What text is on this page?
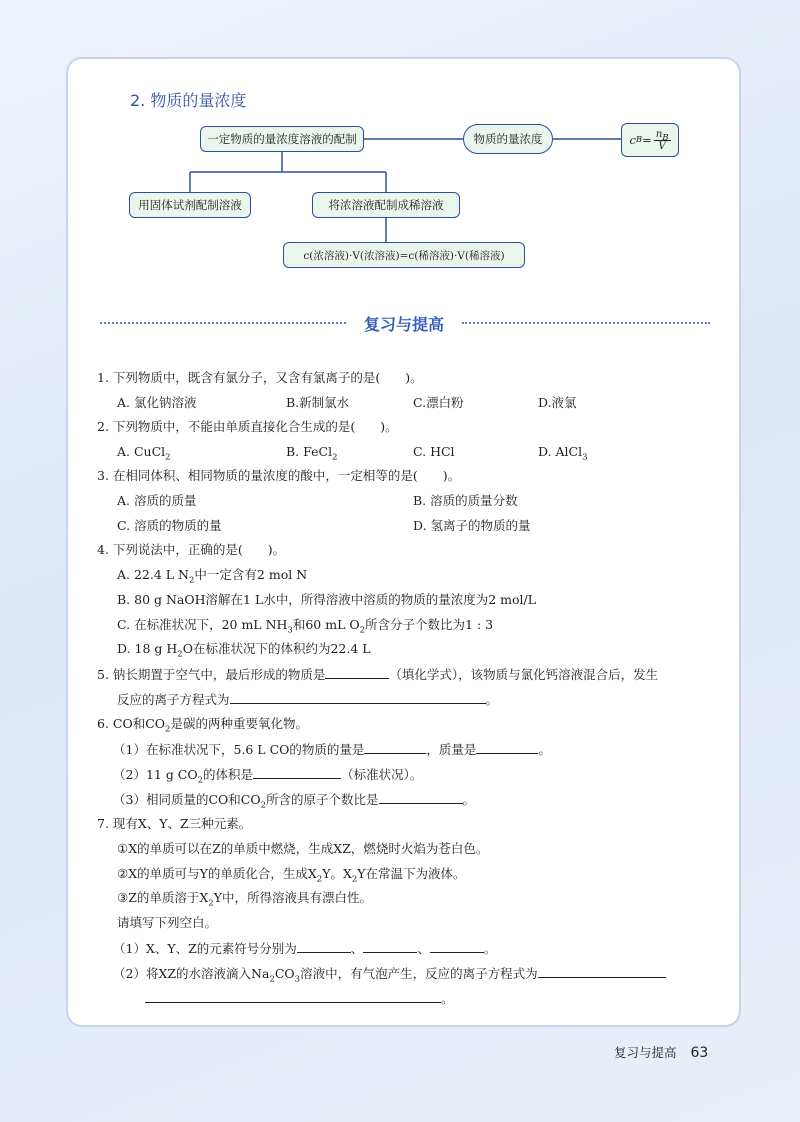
2. 物质的量浓度
一定物质的量浓度溶液的配制	物质的量浓度	c $B = \frac{n_B}{V}$
用固体试剂配制溶液	将浓溶液配制成稀溶液
c(浓溶液)·V(浓溶液)=c(稀溶液)·V(稀溶液)
复习与提高
1. 下列物质中，既含有氯分子，又含有氯离子的是(　　)。
A. 氯化钠溶液	B.新制氯水	C.漂白粉	D.液氯
2. 下列物质中，不能由单质直接化合生成的是(　　)。
A. CuCl$_2$	B. FeCl$_2$	C. HCl	D. AlCl$_3$
3. 在相同体积、相同物质的量浓度的酸中，一定相等的是(　　)。
A. 溶质的质量	B. 溶质的质量分数
C. 溶质的物质的量	D. 氢离子的物质的量
4. 下列说法中，正确的是(　　)。
A. 22.4 L $N_2$中一定含有2 mol N
B. 80 g NaOH溶解在1 L水中，所得溶液中溶质的物质的量浓度为2 mol/L
C. 在标准状况下，20 mL $NH_3$和60 mL $O_2$所含分子个数比为1 : 3
D. 18 g $H_2O$在标准状况下的体积约为22.4 L
5. 钠长期置于空气中，最后形成的物质是	（填化学式），该物质与氯化钙溶液混合后，发生
反应的离子方程式为	。
6. CO和$CO_2$是碳的两种重要氧化物。
（1）在标准状况下，5.6 L CO的物质的量是	，质量是	。
（2）11 g $CO_2$的体积是	（标准状况）。
（3）相同质量的CO和$CO_2$所含的原子个数比是	。
7. 现有X、Y、Z三种元素。
①X的单质可以在Z的单质中燃烧，生成XZ，燃烧时火焰为苍白色。
②X的单质可与Y的单质化合，生成$X_2Y$。$X_2Y$在常温下为液体。
③Z的单质溶于$X_2Y$中，所得溶液具有漂白性。
请填写下列空白。
（1）X、Y、Z的元素符号分别为	、	、	。
（2）将XZ的水溶液滴入$Na_2CO_3$溶液中，有气泡产生，反应的离子方程式为
。
复习与提高 63
